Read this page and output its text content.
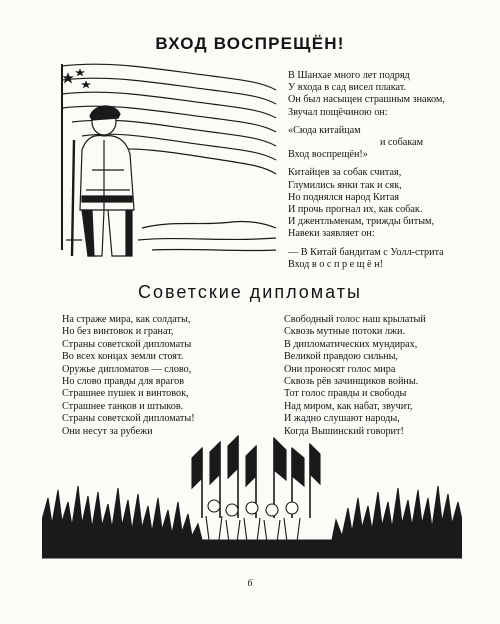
ВХОД ВОСПРЕЩЁН!
В Шанхае много лет подряд
У входа в сад висел плакат.
Он был насыщен страшным знаком,
Звучал пощёчиною он:
«Сюда китайцам
и собакам
Вход воспрещён!»
Китайцев за собак считая,
Глумились янки так и сяк,
Но поднялся народ Китая
И прочь прогнал их, как собак.
И джентльменам, трижды битым,
Навеки заявляет он:
— В Китай бандитам с Уолл-стрита
Вход в о с п р е щ ё н!
Советские дипломаты
На страже мира, как солдаты,
Но без винтовок и гранат,
Страны советской дипломаты
Во всех концах земли стоят.
Оружье дипломатов — слово,
Но слово правды для врагов
Страшнее пушек и винтовок,
Страшнее танков и штыков.
Страны советской дипломаты!
Они несут за рубежи
Свободный голос наш крылатый
Сквозь мутные потоки лжи.
В дипломатических мундирах,
Великой правдою сильны,
Они проносят голос мира
Сквозь рёв зачинщиков войны.
Тот голос правды и свободы
Над миром, как набат, звучит,
И жадно слушают народы,
Когда Вышинский говорит!
6
